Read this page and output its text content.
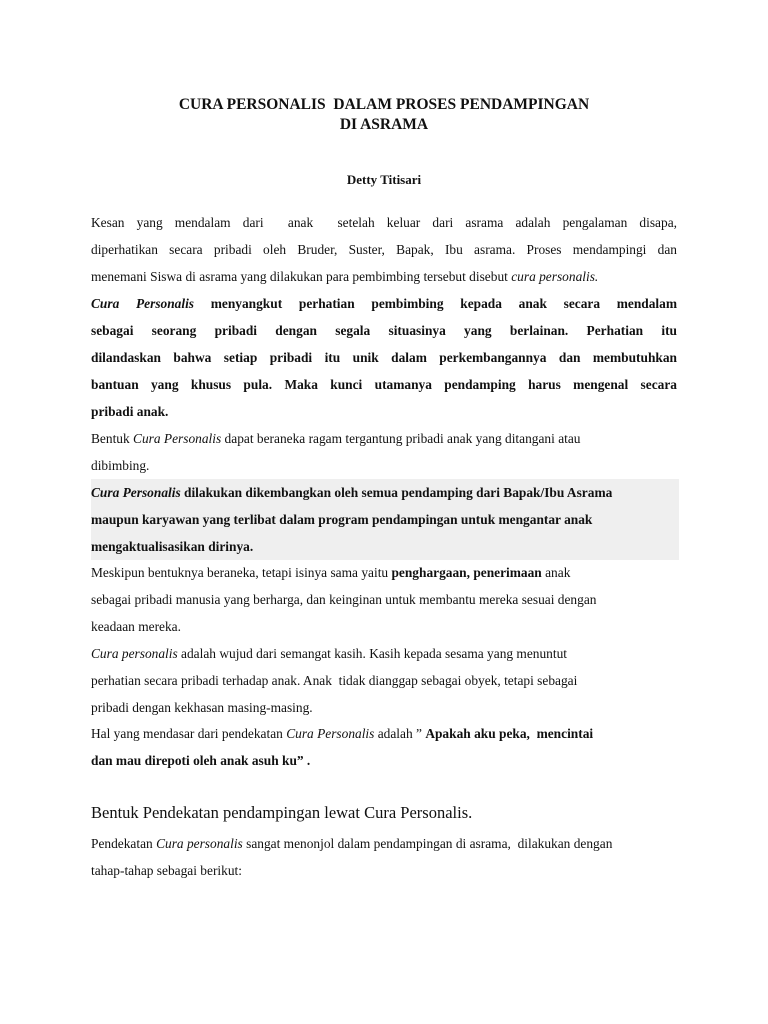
CURA PERSONALIS  DALAM PROSES PENDAMPINGAN
DI ASRAMA
Detty Titisari
Kesan yang mendalam dari  anak  setelah keluar dari asrama adalah pengalaman disapa,
diperhatikan secara pribadi oleh Bruder, Suster, Bapak, Ibu asrama. Proses mendampingi dan
menemani Siswa di asrama yang dilakukan para pembimbing tersebut disebut cura personalis.
Cura Personalis menyangkut perhatian pembimbing kepada anak secara mendalam
sebagai seorang pribadi dengan segala situasinya yang berlainan. Perhatian itu
dilandaskan bahwa setiap pribadi itu unik dalam perkembangannya dan membutuhkan
bantuan yang khusus pula. Maka kunci utamanya pendamping harus mengenal secara
pribadi anak.
Bentuk Cura Personalis dapat beraneka ragam tergantung pribadi anak yang ditangani atau
dibimbing.
Cura Personalis dilakukan dikembangkan oleh semua pendamping dari Bapak/Ibu Asrama
maupun karyawan yang terlibat dalam program pendampingan untuk mengantar anak
mengaktualisasikan dirinya.
Meskipun bentuknya beraneka, tetapi isinya sama yaitu penghargaan, penerimaan anak
sebagai pribadi manusia yang berharga, dan keinginan untuk membantu mereka sesuai dengan
keadaan mereka.
Cura personalis adalah wujud dari semangat kasih. Kasih kepada sesama yang menuntut
perhatian secara pribadi terhadap anak. Anak  tidak dianggap sebagai obyek, tetapi sebagai
pribadi dengan kekhasan masing-masing.
Hal yang mendasar dari pendekatan Cura Personalis adalah ” Apakah aku peka,  mencintai
dan mau direpoti oleh anak asuh ku” .
Bentuk Pendekatan pendampingan lewat Cura Personalis.
Pendekatan Cura personalis sangat menonjol dalam pendampingan di asrama,  dilakukan dengan
tahap-tahap sebagai berikut:
